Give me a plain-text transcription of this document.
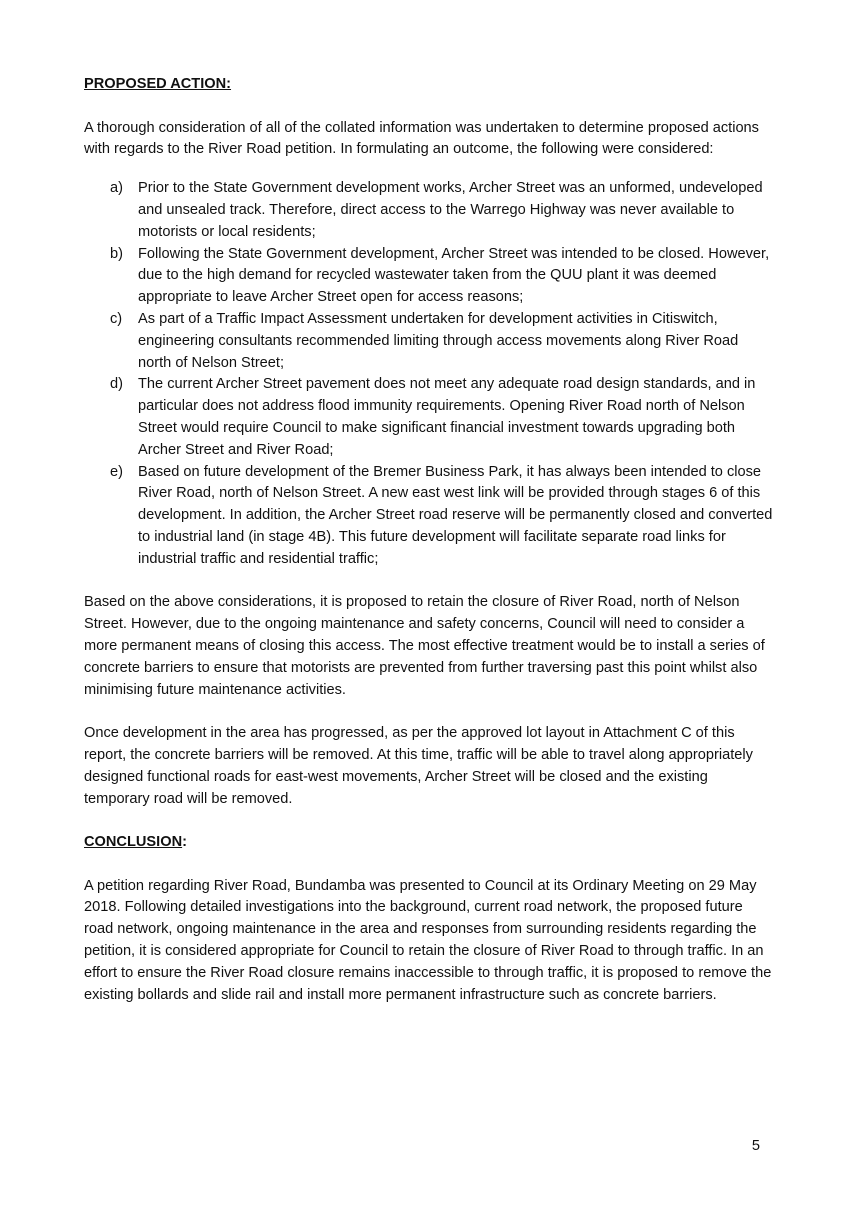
PROPOSED ACTION:

A thorough consideration of all of the collated information was undertaken to determine proposed actions with regards to the River Road petition. In formulating an outcome, the following were considered:

a) Prior to the State Government development works, Archer Street was an unformed, undeveloped and unsealed track. Therefore, direct access to the Warrego Highway was never available to motorists or local residents;
b) Following the State Government development, Archer Street was intended to be closed. However, due to the high demand for recycled wastewater taken from the QUU plant it was deemed appropriate to leave Archer Street open for access reasons;
c) As part of a Traffic Impact Assessment undertaken for development activities in Citiswitch, engineering consultants recommended limiting through access movements along River Road north of Nelson Street;
d) The current Archer Street pavement does not meet any adequate road design standards, and in particular does not address flood immunity requirements. Opening River Road north of Nelson Street would require Council to make significant financial investment towards upgrading both Archer Street and River Road;
e) Based on future development of the Bremer Business Park, it has always been intended to close River Road, north of Nelson Street. A new east west link will be provided through stages 6 of this development. In addition, the Archer Street road reserve will be permanently closed and converted to industrial land (in stage 4B). This future development will facilitate separate road links for industrial traffic and residential traffic;

Based on the above considerations, it is proposed to retain the closure of River Road, north of Nelson Street. However, due to the ongoing maintenance and safety concerns, Council will need to consider a more permanent means of closing this access. The most effective treatment would be to install a series of concrete barriers to ensure that motorists are prevented from further traversing past this point whilst also minimising future maintenance activities.

Once development in the area has progressed, as per the approved lot layout in Attachment C of this report, the concrete barriers will be removed. At this time, traffic will be able to travel along appropriately designed functional roads for east-west movements, Archer Street will be closed and the existing temporary road will be removed.

CONCLUSION:

A petition regarding River Road, Bundamba was presented to Council at its Ordinary Meeting on 29 May 2018. Following detailed investigations into the background, current road network, the proposed future road network, ongoing maintenance in the area and responses from surrounding residents regarding the petition, it is considered appropriate for Council to retain the closure of River Road to through traffic. In an effort to ensure the River Road closure remains inaccessible to through traffic, it is proposed to remove the existing bollards and slide rail and install more permanent infrastructure such as concrete barriers.

5
